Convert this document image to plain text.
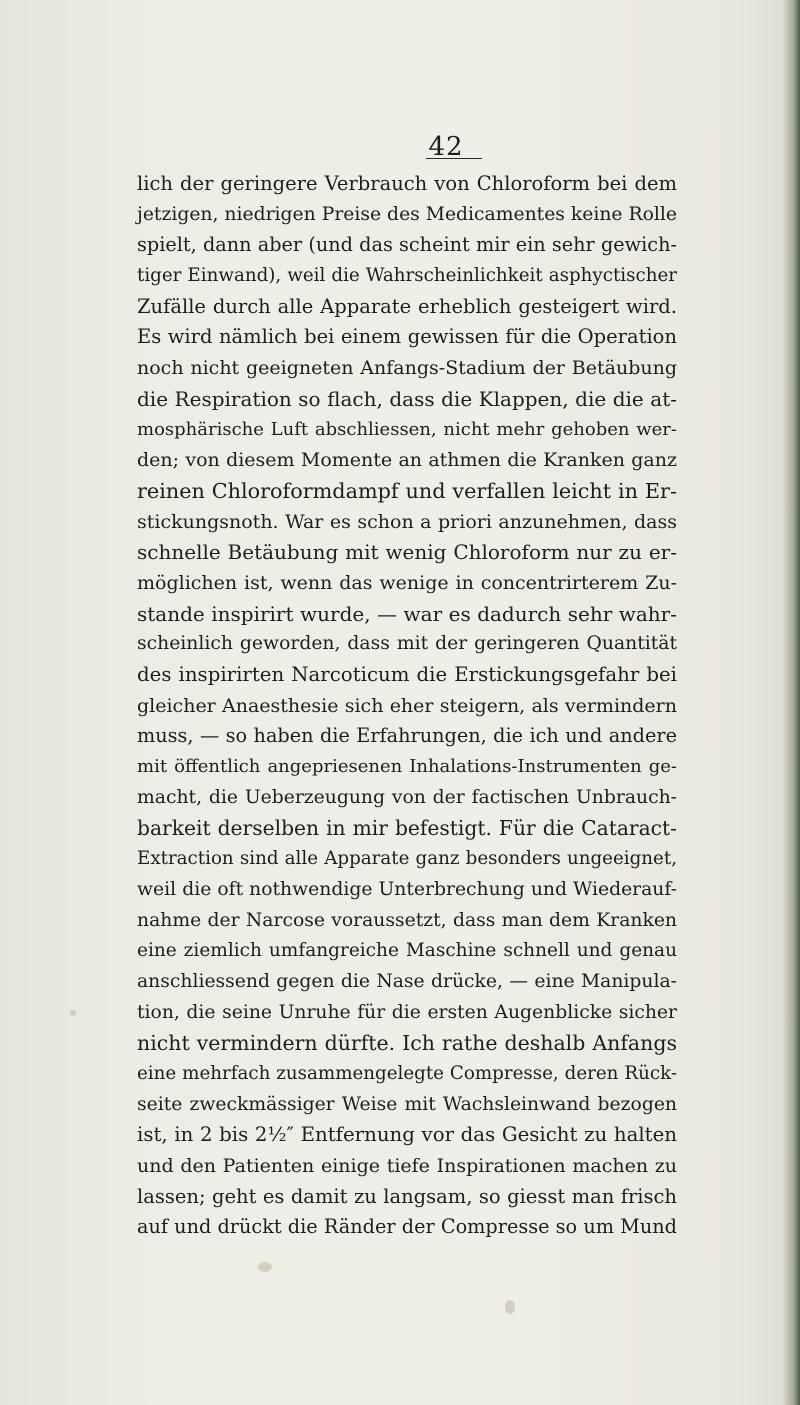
42
lich der geringere Verbrauch von Chloroform bei dem
jetzigen, niedrigen Preise des Medicamentes keine Rolle
spielt, dann aber (und das scheint mir ein sehr gewich-
tiger Einwand), weil die Wahrscheinlichkeit asphyctischer
Zufälle durch alle Apparate erheblich gesteigert wird.
Es wird nämlich bei einem gewissen für die Operation
noch nicht geeigneten Anfangs-Stadium der Betäubung
die Respiration so flach, dass die Klappen, die die at-
mosphärische Luft abschliessen, nicht mehr gehoben wer-
den; von diesem Momente an athmen die Kranken ganz
reinen Chloroformdampf und verfallen leicht in Er-
stickungsnoth. War es schon a priori anzunehmen, dass
schnelle Betäubung mit wenig Chloroform nur zu er-
möglichen ist, wenn das wenige in concentrirterem Zu-
stande inspirirt wurde, — war es dadurch sehr wahr-
scheinlich geworden, dass mit der geringeren Quantität
des inspirirten Narcoticum die Erstickungsgefahr bei
gleicher Anaesthesie sich eher steigern, als vermindern
muss, — so haben die Erfahrungen, die ich und andere
mit öffentlich angepriesenen Inhalations-Instrumenten ge-
macht, die Ueberzeugung von der factischen Unbrauch-
barkeit derselben in mir befestigt. Für die Cataract-
Extraction sind alle Apparate ganz besonders ungeeignet,
weil die oft nothwendige Unterbrechung und Wiederauf-
nahme der Narcose voraussetzt, dass man dem Kranken
eine ziemlich umfangreiche Maschine schnell und genau
anschliessend gegen die Nase drücke, — eine Manipula-
tion, die seine Unruhe für die ersten Augenblicke sicher
nicht vermindern dürfte. Ich rathe deshalb Anfangs
eine mehrfach zusammengelegte Compresse, deren Rück-
seite zweckmässiger Weise mit Wachsleinwand bezogen
ist, in 2 bis 2½″ Entfernung vor das Gesicht zu halten
und den Patienten einige tiefe Inspirationen machen zu
lassen; geht es damit zu langsam, so giesst man frisch
auf und drückt die Ränder der Compresse so um Mund
